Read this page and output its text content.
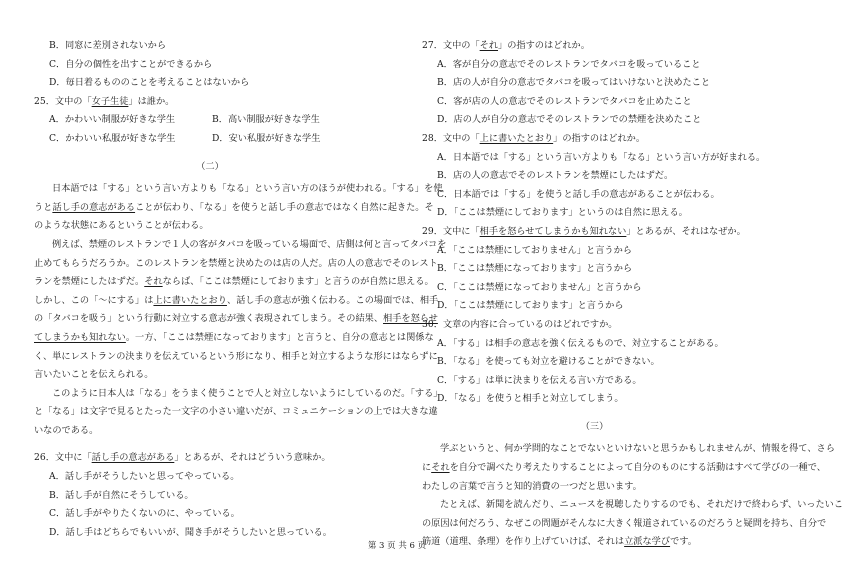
B．同窓に差別されないから
C．自分の個性を出すことができるから
D．毎日着るもののことを考えることはないから
25．文中の「女子生徒」は誰か。
A．かわいい制服が好きな学生	B．高い制服が好きな学生
C．かわいい私服が好きな学生	D．安い私服が好きな学生
（二）
日本語では「する」という言い方よりも「なる」という言い方のほうが使われる。「する」を使
うと話し手の意志があることが伝わり、「なる」を使うと話し手の意志ではなく自然に起きた。そ
のような状態にあるということが伝わる。
例えば、禁煙のレストランで１人の客がタバコを吸っている場面で、店側は何と言ってタバコを
止めてもらうだろうか。このレストランを禁煙と決めたのは店の人だ。店の人の意志でそのレスト
ランを禁煙にしたはずだ。それならば、「ここは禁煙にしております」と言うのが自然に思える。
しかし、この「～にする」は上に書いたとおり、話し手の意志が強く伝わる。この場面では、相手
の「タバコを吸う」という行動に対立する意志が強く表現されてしまう。その結果、相手を怒らせ
てしまうかも知れない。一方、「ここは禁煙になっております」と言うと、自分の意志とは関係な
く、単にレストランの決まりを伝えているという形になり、相手と対立するような形にはならずに
言いたいことを伝えられる。
このように日本人は「なる」をうまく使うことで人と対立しないようにしているのだ。「する」
と「なる」は文字で見るとたった一文字の小さい違いだが、コミュニケーションの上では大きな違
いなのである。
26．文中に「話し手の意志がある」とあるが、それはどういう意味か。
A．話し手がそうしたいと思ってやっている。
B．話し手が自然にそうしている。
C．話し手がやりたくないのに、やっている。
D．話し手はどちらでもいいが、聞き手がそうしたいと思っている。
27．文中の「それ」の指すのはどれか。
A．客が自分の意志でそのレストランでタバコを吸っていること
B．店の人が自分の意志でタバコを吸ってはいけないと決めたこと
C．客が店の人の意志でそのレストランでタバコを止めたこと
D．店の人が自分の意志でそのレストランでの禁煙を決めたこと
28．文中の「上に書いたとおり」の指すのはどれか。
A．日本語では「する」という言い方よりも「なる」という言い方が好まれる。
B．店の人の意志でそのレストランを禁煙にしたはずだ。
C．日本語では「する」を使うと話し手の意志があることが伝わる。
D．「ここは禁煙にしております」というのは自然に思える。
29．文中に「相手を怒らせてしまうかも知れない」とあるが、それはなぜか。
A．「ここは禁煙にしておりません」と言うから
B．「ここは禁煙になっております」と言うから
C．「ここは禁煙になっておりません」と言うから
D．「ここは禁煙にしております」と言うから
30．文章の内容に合っているのはどれですか。
A．「する」は相手の意志を強く伝えるもので、対立することがある。
B．「なる」を使っても対立を避けることができない。
C．「する」は単に決まりを伝える言い方である。
D．「なる」を使うと相手と対立してしまう。
（三）
学ぶというと、何か学問的なことでないといけないと思うかもしれませんが、情報を得て、さら
にそれを自分で調べたり考えたりすることによって自分のものにする活動はすべて学びの一種で、
わたしの言葉で言うと知的消費の一つだと思います。
たとえば、新聞を読んだり、ニュースを視聴したりするのでも、それだけで終わらず、いったいこ
の原因は何だろう、なぜこの問題がそんなに大きく報道されているのだろうと疑問を持ち、自分で
筋道（道理、条理）を作り上げていけば、それは立派な学びです。
第 3 页 共 6 页
